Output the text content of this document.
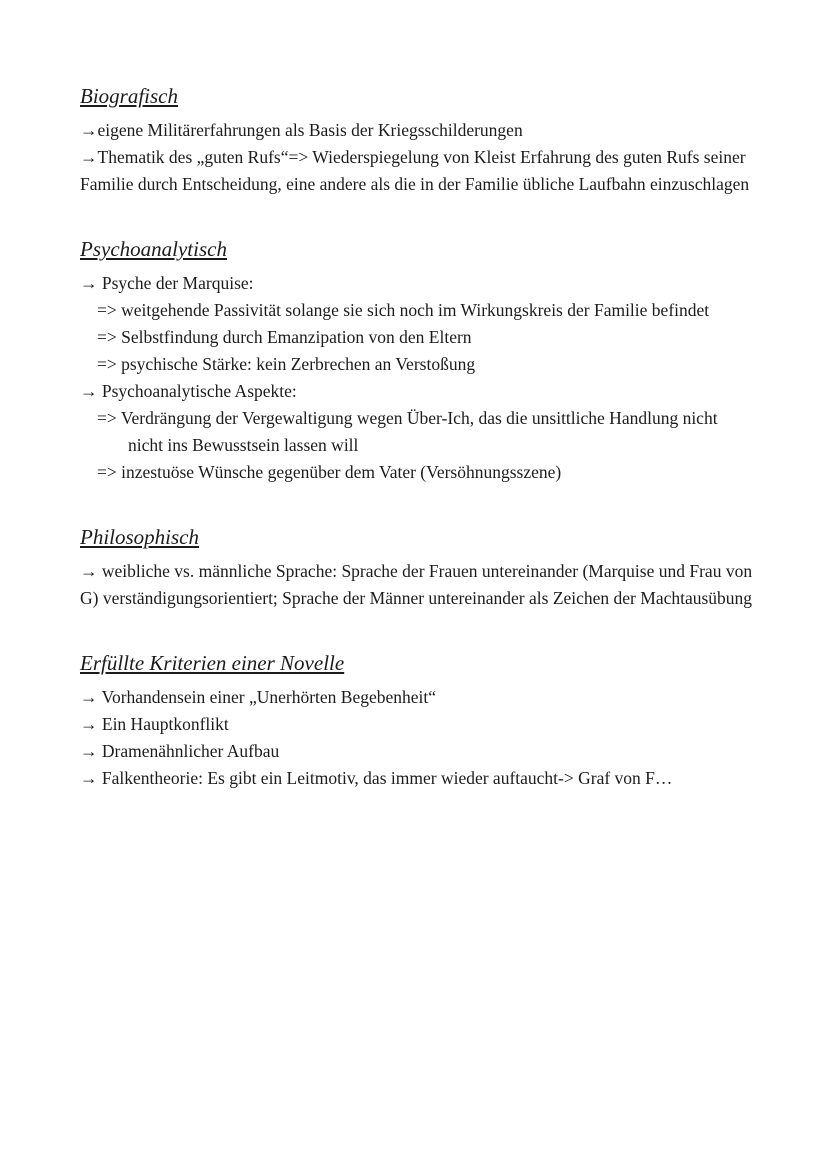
Biografisch
→eigene Militärerfahrungen als Basis der Kriegsschilderungen
→Thematik des „guten Rufs“=> Wiederspiegelung von Kleist Erfahrung des guten Rufs seiner Familie durch Entscheidung, eine andere als die in der Familie übliche Laufbahn einzuschlagen
Psychoanalytisch
→ Psyche der Marquise:
=> weitgehende Passivität solange sie sich noch im Wirkungskreis der Familie befindet
=> Selbstfindung durch Emanzipation von den Eltern
=> psychische Stärke: kein Zerbrechen an Verstoßung
→ Psychoanalytische Aspekte:
=> Verdrängung der Vergewaltigung wegen Über-Ich, das die unsittliche Handlung nicht nicht ins Bewusstsein lassen will
=> inzestuöse Wünsche gegenüber dem Vater (Versöhnungsszene)
Philosophisch
→ weibliche vs. männliche Sprache: Sprache der Frauen untereinander (Marquise und Frau von G) verständigungsorientiert; Sprache der Männer untereinander als Zeichen der Machtausübung
Erfüllte Kriterien einer Novelle
→ Vorhandensein einer „Unerhörten Begebenheit“
→ Ein Hauptkonflikt
→ Dramenähnlicher Aufbau
→ Falkentheorie: Es gibt ein Leitmotiv, das immer wieder auftaucht-> Graf von F…
